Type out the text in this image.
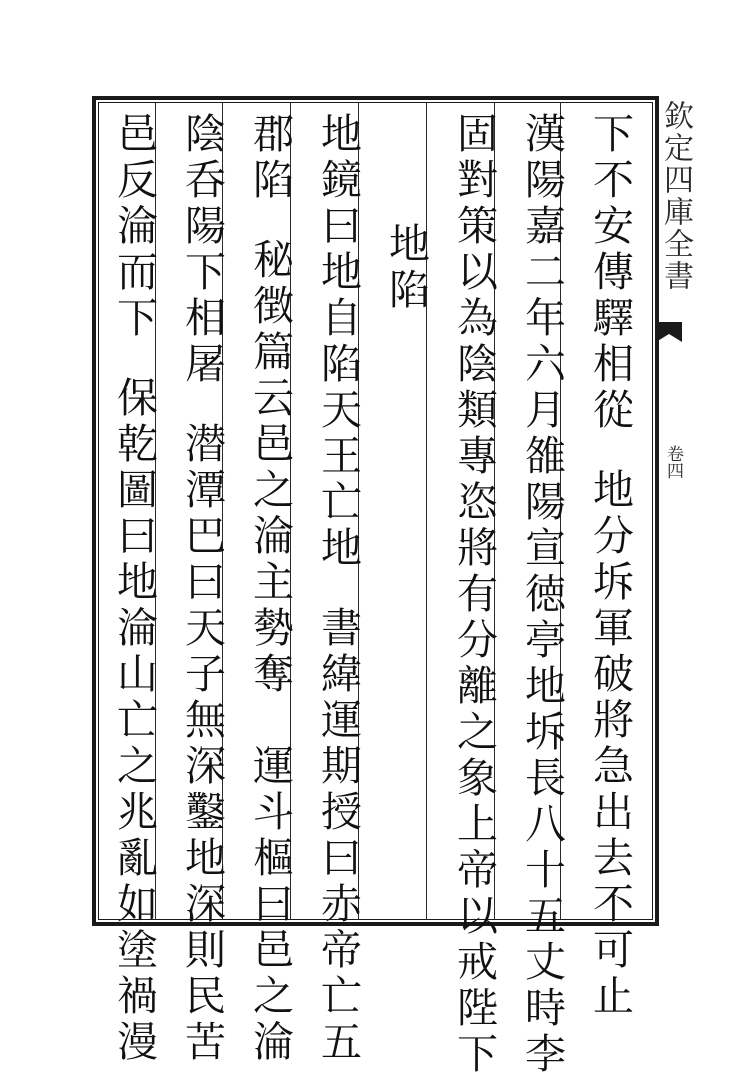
欽定四庫全書
卷四
下不安傳驛相從地分坼軍破將急出去不可止
漢陽嘉二年六月雒陽宣徳亭地坼長八十五丈時李
固對策以為陰類專恣將有分離之象上帝以戒陛下
地陷
地鏡曰地自陷天王亡地書緯運期授曰赤帝亡五
郡陷秘徴篇云邑之淪主勢奪　運斗樞曰邑之淪
陰呑陽下相屠潜潭巴曰天子無深鑿地深則民苦
邑反淪而下保乾圖曰地淪山亡之兆亂如塗禍漫
